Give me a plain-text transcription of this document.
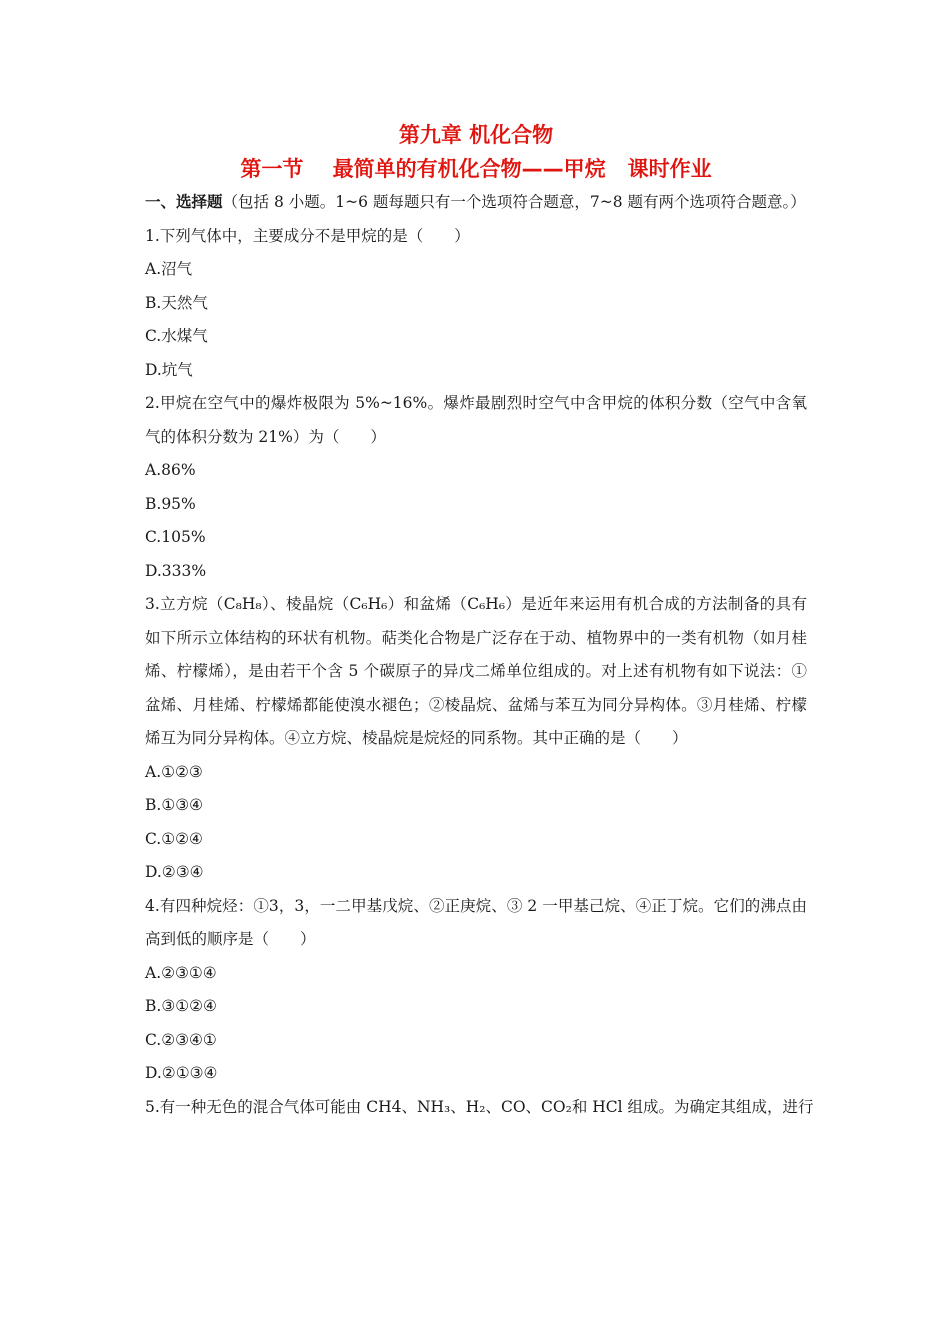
第九章 机化合物
第一节    最简单的有机化合物——甲烷   课时作业
一、选择题（包括 8 小题。1~6 题每题只有一个选项符合题意，7~8 题有两个选项符合题意。）
1.下列气体中，主要成分不是甲烷的是（　　）
A.沼气
B.天然气
C.水煤气
D.坑气
2.甲烷在空气中的爆炸极限为 5%~16%。爆炸最剧烈时空气中含甲烷的体积分数（空气中含氧气的体积分数为 21%）为（　　）
A.86%
B.95%
C.105%
D.333%
3.立方烷（C₈H₈）、棱晶烷（C₆H₆）和盆烯（C₆H₆）是近年来运用有机合成的方法制备的具有如下所示立体结构的环状有机物。萜类化合物是广泛存在于动、植物界中的一类有机物（如月桂烯、柠檬烯），是由若干个含 5 个碳原子的异戊二烯单位组成的。对上述有机物有如下说法：①盆烯、月桂烯、柠檬烯都能使溴水褪色；②棱晶烷、盆烯与苯互为同分异构体。③月桂烯、柠檬烯互为同分异构体。④立方烷、棱晶烷是烷烃的同系物。其中正确的是（　　）
A.①②③
B.①③④
C.①②④
D.②③④
4.有四种烷烃：①3，3，一二甲基戊烷、②正庚烷、③ 2 一甲基己烷、④正丁烷。它们的沸点由高到低的顺序是（　　）
A.②③①④
B.③①②④
C.②③④①
D.②①③④
5.有一种无色的混合气体可能由 CH4、NH₃、H₂、CO、CO₂和 HCl 组成。为确定其组成，进行
